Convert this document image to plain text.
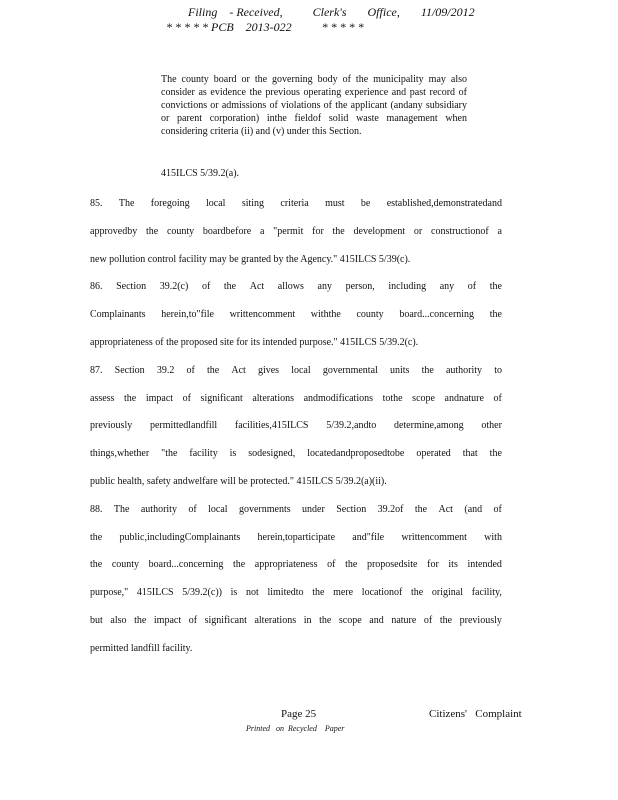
Filing    - Received,          Clerk's       Office,       11/09/2012
* * * * * PCB    2013-022          * * * * *

The county board or the governing body of the municipality may also consider as evidence the previous operating experience and past record of convictions or admissions of violations of the applicant (andany subsidiary or parent corporation) inthe fieldof solid waste management when considering criteria (ii) and (v) under this Section.

415ILCS 5/39.2(a).
85. The foregoing local siting criteria must be established,demonstratedand
approvedby the county boardbefore a "permit for the development or constructionof a
new pollution control facility may be granted by the Agency." 415ILCS 5/39(c).
86. Section 39.2(c) of the Act allows any person, including any of the
Complainants herein,to"file writtencomment withthe county board...concerning the
appropriateness of the proposed site for its intended purpose." 415ILCS 5/39.2(c).
87. Section 39.2 of the Act gives local governmental units the authority to
assess the impact of significant alterations andmodifications tothe scope andnature of
previously permittedlandfill facilities,415ILCS 5/39.2,andto determine,among other
things,whether "the facility is sodesigned, locatedandproposedtobe operated that the
public health, safety andwelfare will be protected." 415ILCS 5/39.2(a)(ii).
88. The authority of local governments under Section 39.2of the Act (and of
the public,includingComplainants herein,toparticipate and"file writtencomment with
the county board...concerning the appropriateness of the proposedsite for its intended
purpose," 415ILCS 5/39.2(c)) is not limitedto the mere locationof the original facility,
but also the impact of significant alterations in the scope and nature of the previously
permitted landfill facility.
Page 25	Citizens'   Complaint
Printed   on  Recycled    Paper
